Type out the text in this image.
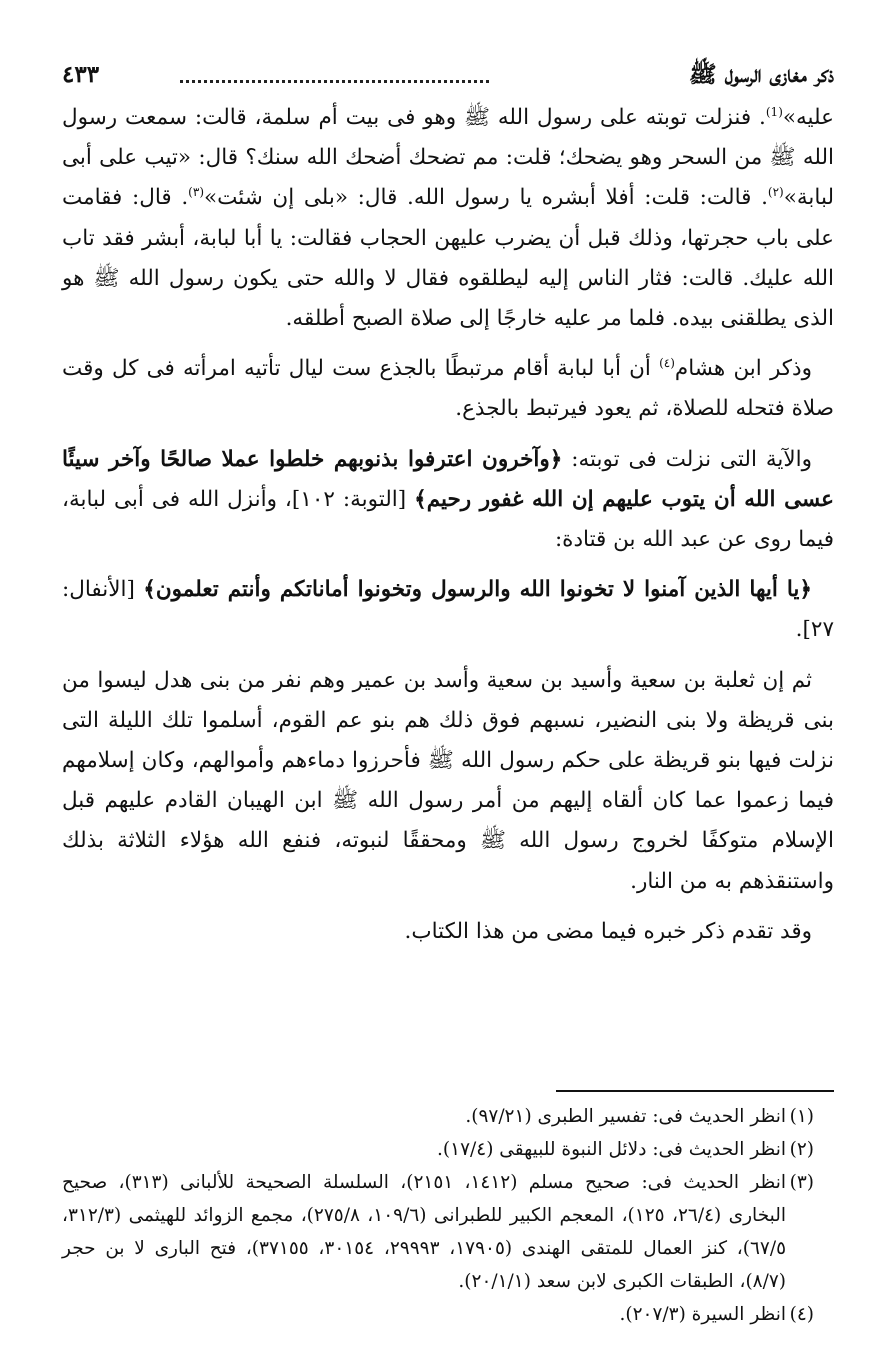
ذكر مغازى الرسول ﷺ
٤٣٣

عليه»$^{(1)}$. فنزلت توبته على رسول الله ﷺ وهو فى بيت أم سلمة، قالت: سمعت رسول الله ﷺ من السحر وهو يضحك؛ قلت: مم تضحك أضحك الله سنك؟ قال: «تيب على أبى لبابة»$^{(٢)}$. قالت: قلت: أفلا أبشره يا رسول الله. قال: «بلى إن شئت»$^{(٣)}$. قال: فقامت على باب حجرتها، وذلك قبل أن يضرب عليهن الحجاب فقالت: يا أبا لبابة، أبشر فقد تاب الله عليك. قالت: فثار الناس إليه ليطلقوه فقال لا والله حتى يكون رسول الله ﷺ هو الذى يطلقنى بيده. فلما مر عليه خارجًا إلى صلاة الصبح أطلقه.

وذكر ابن هشام$^{(٤)}$ أن أبا لبابة أقام مرتبطًا بالجذع ست ليال تأتيه امرأته فى كل وقت صلاة فتحله للصلاة، ثم يعود فيرتبط بالجذع.

والآية التى نزلت فى توبته: ﴿وآخرون اعترفوا بذنوبهم خلطوا عملا صالحًا وآخر سيئًا عسى الله أن يتوب عليهم إن الله غفور رحيم﴾ [التوبة: ١٠٢]، وأنزل الله فى أبى لبابة، فيما روى عن عبد الله بن قتادة:

﴿يا أيها الذين آمنوا لا تخونوا الله والرسول وتخونوا أماناتكم وأنتم تعلمون﴾ [الأنفال: ٢٧].

ثم إن ثعلبة بن سعية وأسيد بن سعية وأسد بن عمير وهم نفر من بنى هدل ليسوا من بنى قريظة ولا بنى النضير، نسبهم فوق ذلك هم بنو عم القوم، أسلموا تلك الليلة التى نزلت فيها بنو قريظة على حكم رسول الله ﷺ فأحرزوا دماءهم وأموالهم، وكان إسلامهم فيما زعموا عما كان ألقاه إليهم من أمر رسول الله ﷺ ابن الهيبان القادم عليهم قبل الإسلام متوكفًا لخروج رسول الله ﷺ ومحققًا لنبوته، فنفع الله هؤلاء الثلاثة بذلك واستنقذهم به من النار.

وقد تقدم ذكر خبره فيما مضى من هذا الكتاب.

(١)
انظر الحديث فى: تفسير الطبرى (٩٧/٢١).

(٢)
انظر الحديث فى: دلائل النبوة للبيهقى (١٧/٤).

(٣)
انظر الحديث فى: صحيح مسلم (١٤١٢، ٢١٥١)، السلسلة الصحيحة للألبانى (٣١٣)، صحيح البخارى (٢٦/٤، ١٢٥)، المعجم الكبير للطبرانى (١٠٩/٦، ٢٧٥/٨)، مجمع الزوائد للهيثمى (٣١٢/٣، ٦٧/٥)، كنز العمال للمتقى الهندى (١٧٩٠٥، ٢٩٩٩٣، ٣٠١٥٤، ٣٧١٥٥)، فتح البارى لا بن حجر (٨/٧)، الطبقات الكبرى لابن سعد (٢٠/١/١).

(٤)
انظر السيرة (٢٠٧/٣).
